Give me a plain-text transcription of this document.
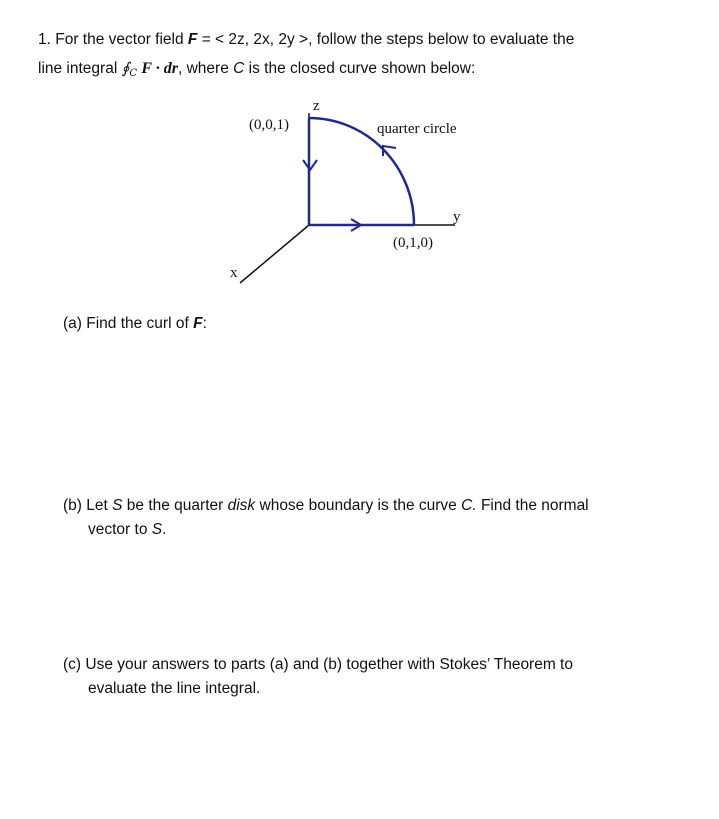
1. For the vector field F = < 2z, 2x, 2y >, follow the steps below to evaluate the
line integral $∮_C$ F · dr, where C is the closed curve shown below:
z
y
x
(0,0,1)
(0,1,0)
quarter circle
(a) Find the curl of F:
(b) Let S be the quarter disk whose boundary is the curve C. Find the normal
vector to S.
(c) Use your answers to parts (a) and (b) together with Stokes’ Theorem to
evaluate the line integral.
